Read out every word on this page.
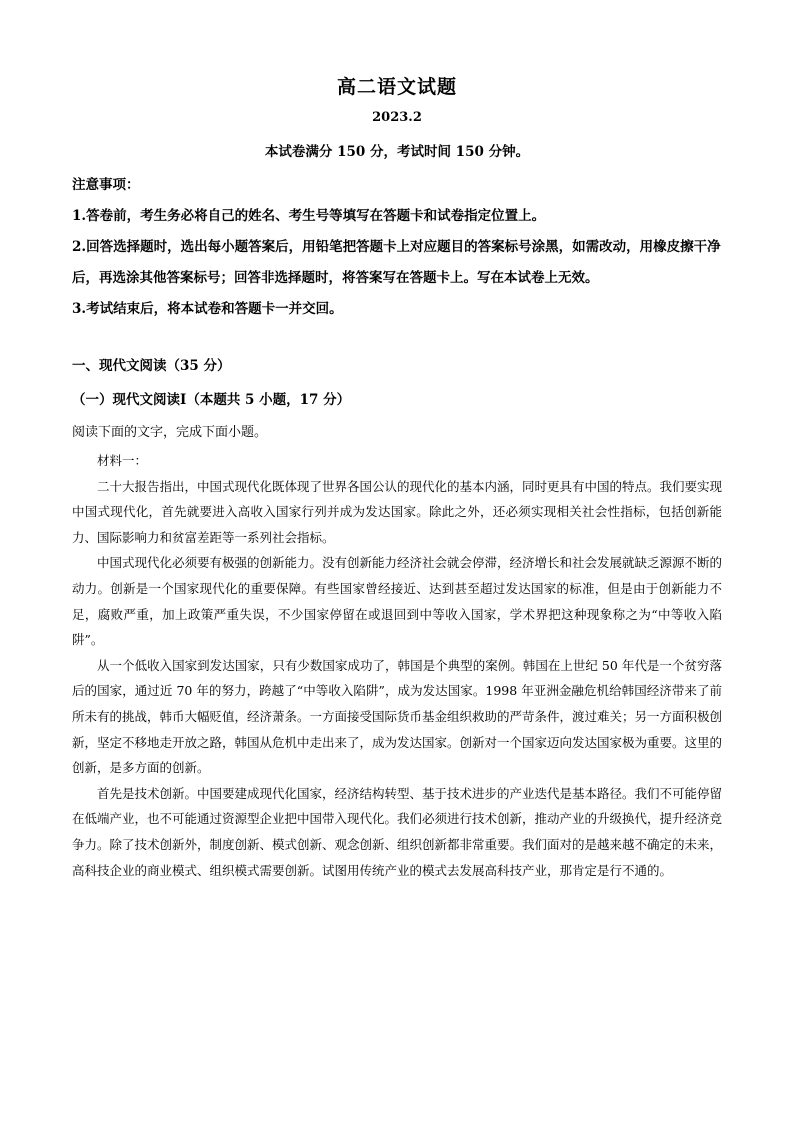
高二语文试题
2023.2
本试卷满分 150 分，考试时间 150 分钟。

注意事项：

1.答卷前，考生务必将自己的姓名、考生号等填写在答题卡和试卷指定位置上。

2.回答选择题时，选出每小题答案后，用铅笔把答题卡上对应题目的答案标号涂黑，如需改动，用橡皮擦干净后，再选涂其他答案标号；回答非选择题时，将答案写在答题卡上。写在本试卷上无效。

3.考试结束后，将本试卷和答题卡一并交回。

一、现代文阅读（35 分）
（一）现代文阅读Ⅰ（本题共 5 小题，17 分）
阅读下面的文字，完成下面小题。

材料一：

二十大报告指出，中国式现代化既体现了世界各国公认的现代化的基本内涵，同时更具有中国的特点。我们要实现中国式现代化，首先就要进入高收入国家行列并成为发达国家。除此之外，还必须实现相关社会性指标，包括创新能力、国际影响力和贫富差距等一系列社会指标。

中国式现代化必须要有极强的创新能力。没有创新能力经济社会就会停滞，经济增长和社会发展就缺乏源源不断的动力。创新是一个国家现代化的重要保障。有些国家曾经接近、达到甚至超过发达国家的标准，但是由于创新能力不足，腐败严重，加上政策严重失误，不少国家停留在或退回到中等收入国家，学术界把这种现象称之为“中等收入陷阱”。

从一个低收入国家到发达国家，只有少数国家成功了，韩国是个典型的案例。韩国在上世纪 50 年代是一个贫穷落后的国家，通过近 70 年的努力，跨越了“中等收入陷阱”，成为发达国家。1998 年亚洲金融危机给韩国经济带来了前所未有的挑战，韩币大幅贬值，经济萧条。一方面接受国际货币基金组织救助的严苛条件，渡过难关；另一方面积极创新，坚定不移地走开放之路，韩国从危机中走出来了，成为发达国家。创新对一个国家迈向发达国家极为重要。这里的创新，是多方面的创新。

首先是技术创新。中国要建成现代化国家，经济结构转型、基于技术进步的产业迭代是基本路径。我们不可能停留在低端产业，也不可能通过资源型企业把中国带入现代化。我们必须进行技术创新，推动产业的升级换代，提升经济竞争力。除了技术创新外，制度创新、模式创新、观念创新、组织创新都非常重要。我们面对的是越来越不确定的未来，高科技企业的商业模式、组织模式需要创新。试图用传统产业的模式去发展高科技产业，那肯定是行不通的。
